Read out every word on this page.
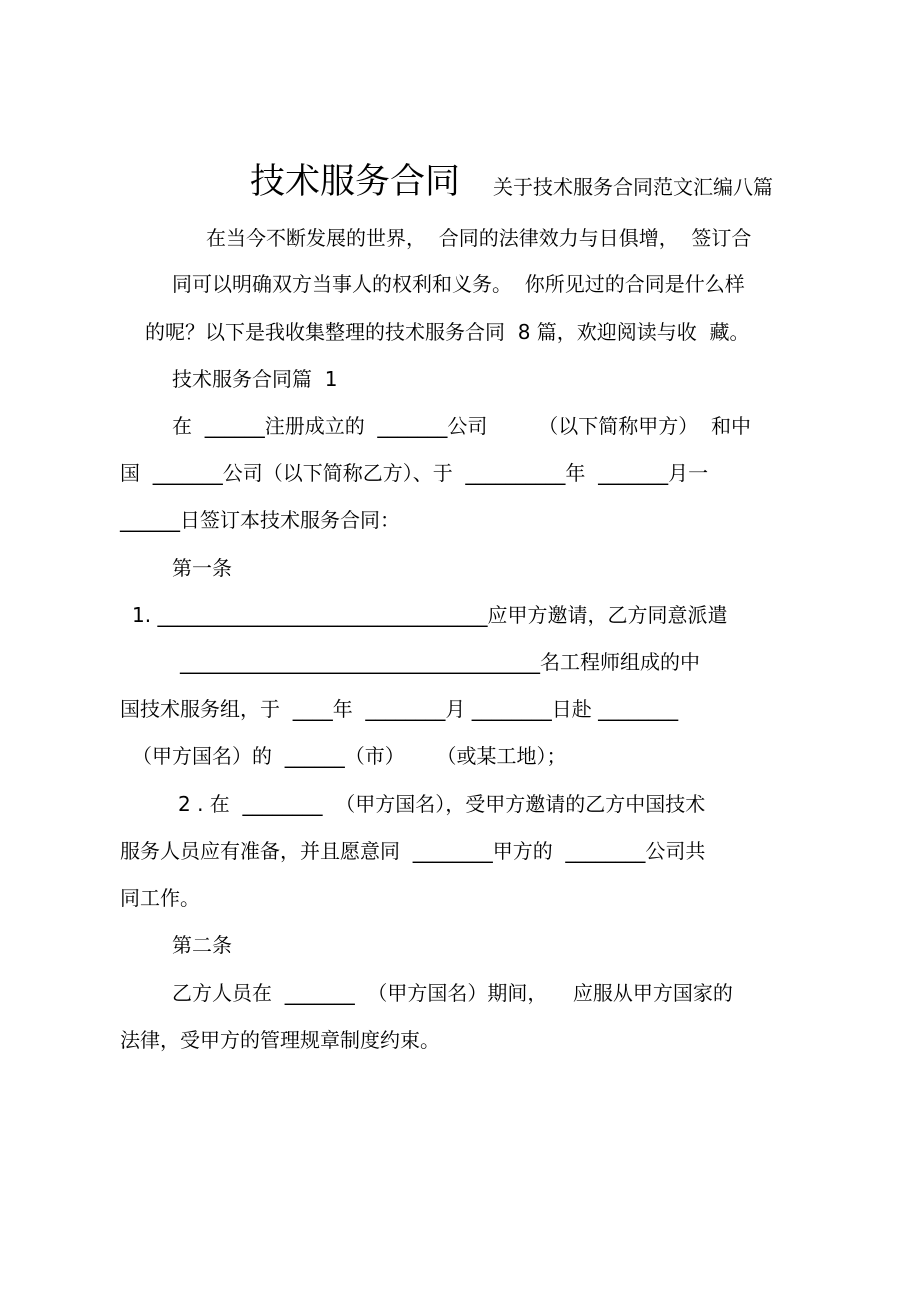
技术服务合同 关于技术服务合同范文汇编八篇
在当今不断发展的世界，  合同的法律效力与日俱增，  签订合
同可以明确双方当事人的权利和义务。  你所见过的合同是什么样
的呢？以下是我收集整理的技术服务合同  8 篇，欢迎阅读与收  藏。
技术服务合同篇  1
在  ______注册成立的  _______公司        （以下简称甲方）  和中
国  _______公司（以下简称乙方）、于  __________年  _______月一
______日签订本技术服务合同：
第一条
1. _________________________________应甲方邀请，乙方同意派遣
____________________________________名工程师组成的中
国技术服务组，于  ____年  ________月 ________日赴 ________
（甲方国名）的  ______（市）     （或某工地）；
2 . 在  ________  （甲方国名），受甲方邀请的乙方中国技术
服务人员应有准备，并且愿意同  ________甲方的  ________公司共
同工作。
第二条
乙方人员在  _______  （甲方国名）期间，    应服从甲方国家的
法律，受甲方的管理规章制度约束。
